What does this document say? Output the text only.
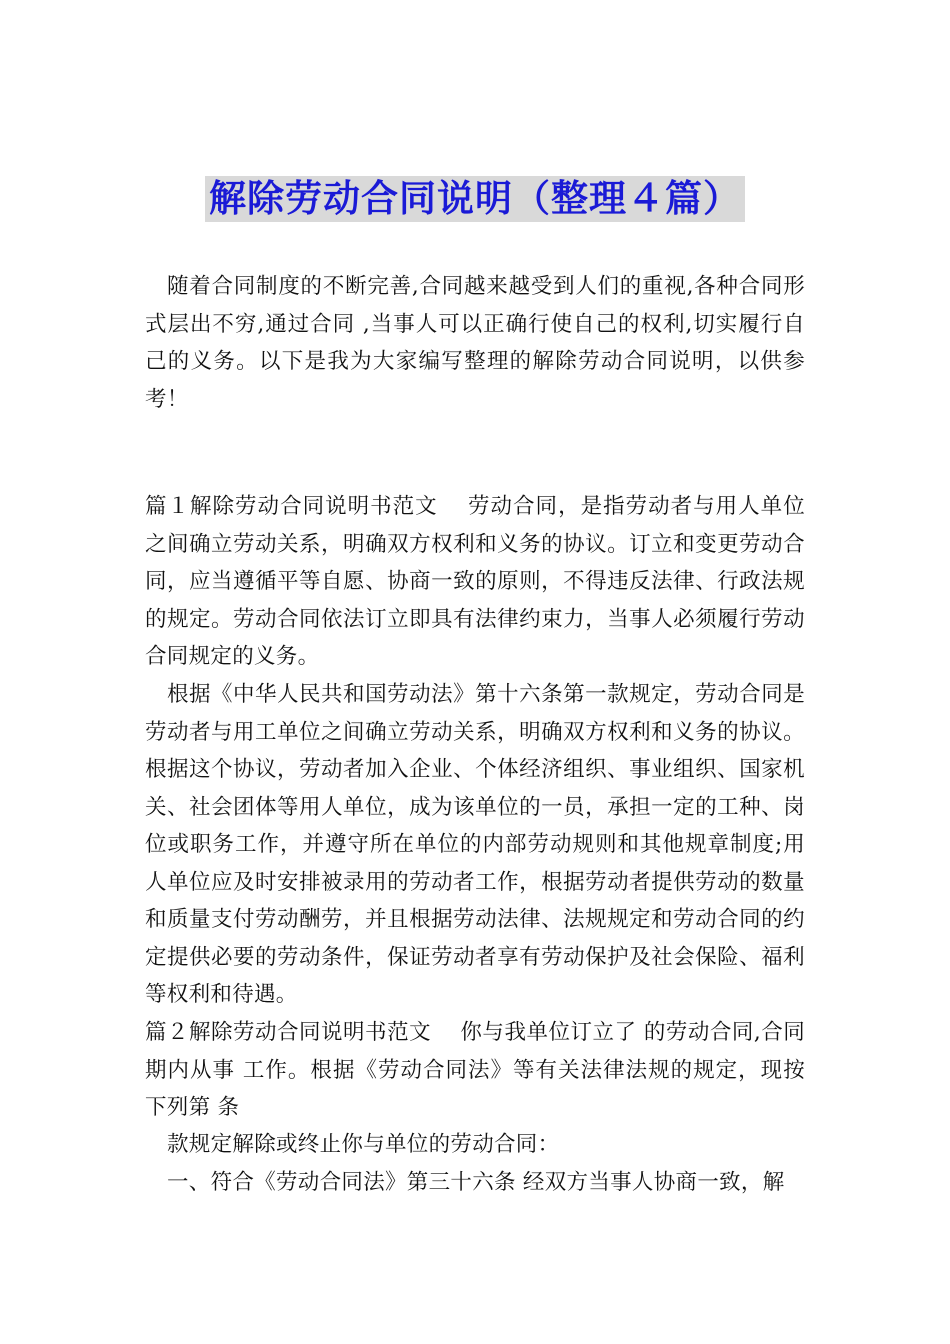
解除劳动合同说明（整理４篇）

随着合同制度的不断完善,合同越来越受到人们的重视,各种合同形式层出不穷,通过合同 ,当事人可以正确行使自己的权利,切实履行自己的义务。以下是我为大家编写整理的解除劳动合同说明，以供参考！

篇１解除劳动合同说明书范文　 劳动合同，是指劳动者与用人单位之间确立劳动关系，明确双方权利和义务的协议。订立和变更劳动合同，应当遵循平等自愿、协商一致的原则，不得违反法律、行政法规的规定。劳动合同依法订立即具有法律约束力，当事人必须履行劳动合同规定的义务。

根据《中华人民共和国劳动法》第十六条第一款规定，劳动合同是劳动者与用工单位之间确立劳动关系，明确双方权利和义务的协议。根据这个协议，劳动者加入企业、个体经济组织、事业组织、国家机关、社会团体等用人单位，成为该单位的一员，承担一定的工种、岗位或职务工作，并遵守所在单位的内部劳动规则和其他规章制度;用人单位应及时安排被录用的劳动者工作，根据劳动者提供劳动的数量和质量支付劳动酬劳，并且根据劳动法律、法规规定和劳动合同的约定提供必要的劳动条件，保证劳动者享有劳动保护及社会保险、福利等权利和待遇。

篇２解除劳动合同说明书范文　 你与我单位订立了 的劳动合同,合同期内从事 工作。根据《劳动合同法》等有关法律法规的规定，现按下列第 条

款规定解除或终止你与单位的劳动合同：

一、符合《劳动合同法》第三十六条 经双方当事人协商一致，解
